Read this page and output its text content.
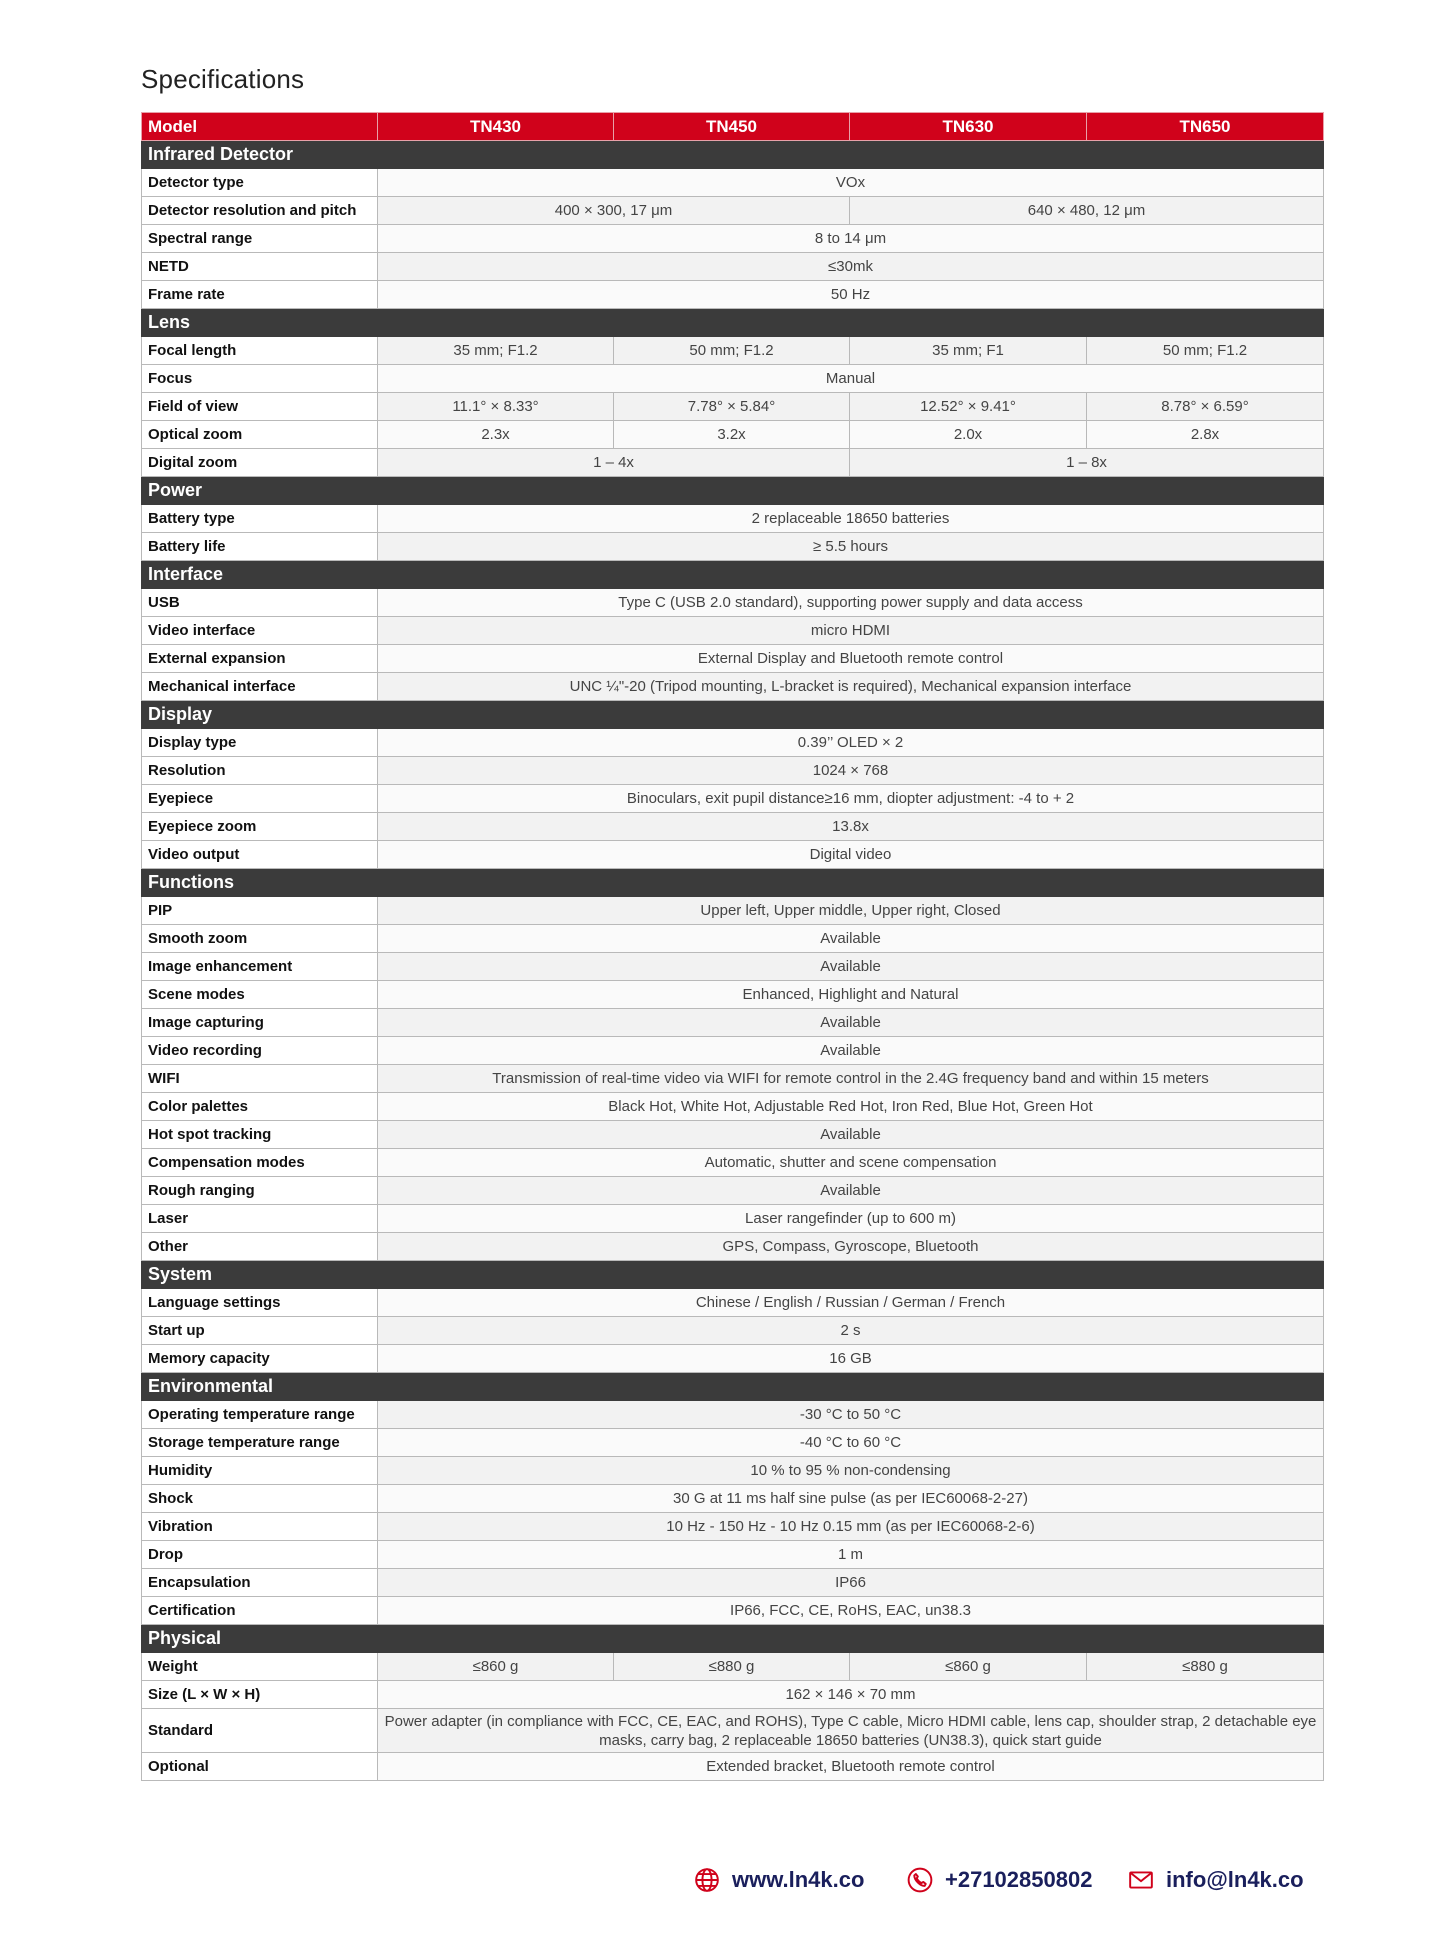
Specifications
Model	TN430	TN450	TN630	TN650
Infrared Detector				
Detector type	VOx			
Detector resolution and pitch	400 × 300, 17 μm		640 × 480, 12 μm	
Spectral range	8 to 14 μm			
NETD	≤30mk			
Frame rate	50 Hz			
Lens				
Focal length	35 mm; F1.2	50 mm; F1.2	35 mm; F1	50 mm; F1.2
Focus	Manual			
Field of view	11.1° × 8.33°	7.78° × 5.84°	12.52° × 9.41°	8.78° × 6.59°
Optical zoom	2.3x	3.2x	2.0x	2.8x
Digital zoom	1 – 4x		1 – 8x	
Power				
Battery type	2 replaceable 18650 batteries			
Battery life	≥ 5.5 hours			
Interface				
USB	Type C (USB 2.0 standard), supporting power supply and data access			
Video interface	micro HDMI			
External expansion	External Display and Bluetooth remote control			
Mechanical interface	UNC ¼"-20 (Tripod mounting, L-bracket is required), Mechanical expansion interface			
Display				
Display type	0.39’’ OLED × 2			
Resolution	1024 × 768			
Eyepiece	Binoculars, exit pupil distance≥16 mm, diopter adjustment: -4 to + 2			
Eyepiece zoom	13.8x			
Video output	Digital video			
Functions				
PIP	Upper left, Upper middle, Upper right, Closed			
Smooth zoom	Available			
Image enhancement	Available			
Scene modes	Enhanced, Highlight and Natural			
Image capturing	Available			
Video recording	Available			
WIFI	Transmission of real-time video via WIFI for remote control in the 2.4G frequency band and within 15 meters			
Color palettes	Black Hot, White Hot, Adjustable Red Hot, Iron Red, Blue Hot, Green Hot			
Hot spot tracking	Available			
Compensation modes	Automatic, shutter and scene compensation			
Rough ranging	Available			
Laser	Laser rangefinder (up to 600 m)			
Other	GPS, Compass, Gyroscope, Bluetooth			
System				
Language settings	Chinese / English / Russian / German / French			
Start up	2 s			
Memory capacity	16 GB			
Environmental				
Operating temperature range	-30 °C to 50 °C			
Storage temperature range	-40 °C to 60 °C			
Humidity	10 % to 95 % non-condensing			
Shock	30 G at 11 ms half sine pulse (as per IEC60068-2-27)			
Vibration	10 Hz - 150 Hz - 10 Hz 0.15 mm (as per IEC60068-2-6)			
Drop	1 m			
Encapsulation	IP66			
Certification	IP66, FCC, CE, RoHS, EAC, un38.3			
Physical				
Weight	≤860 g	≤880 g	≤860 g	≤880 g
Size (L × W × H)	162 × 146 × 70 mm			
Standard	Power adapter (in compliance with FCC, CE, EAC, and ROHS), Type C cable, Micro HDMI cable, lens cap, shoulder strap, 2 detachable eye masks, carry bag, 2 replaceable 18650 batteries (UN38.3), quick start guide			
Optional	Extended bracket, Bluetooth remote control			
www.ln4k.co	+27102850802	info@ln4k.co
